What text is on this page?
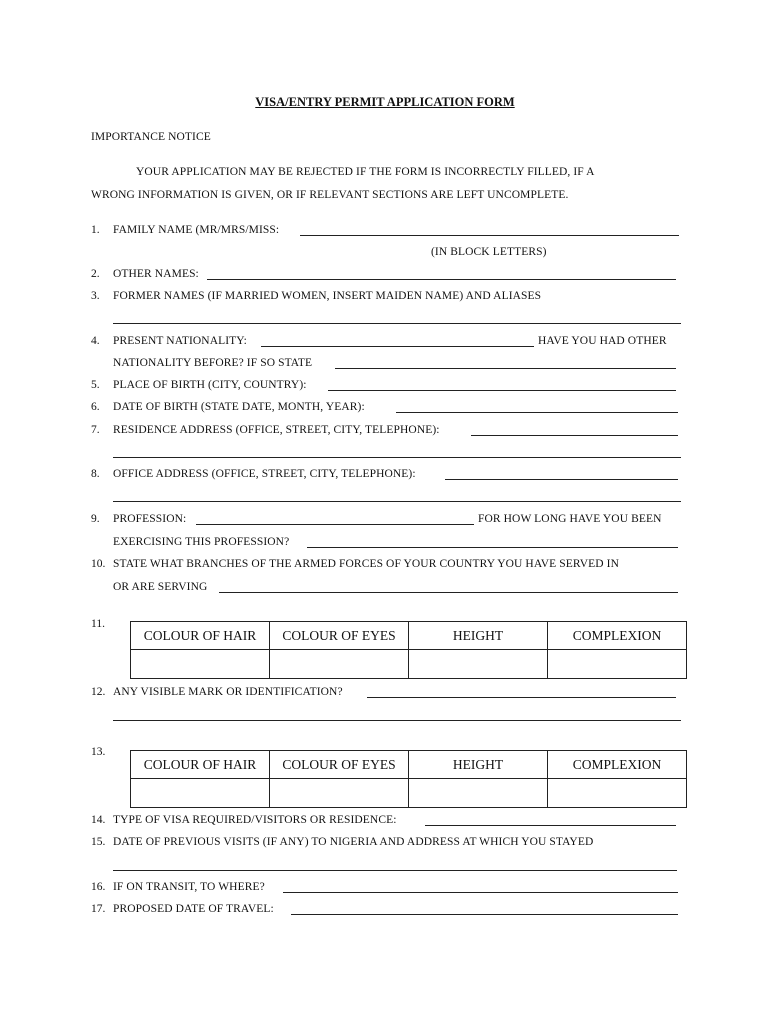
VISA/ENTRY PERMIT APPLICATION FORM
IMPORTANCE NOTICE
YOUR APPLICATION MAY BE REJECTED IF THE FORM IS INCORRECTLY FILLED, IF A
WRONG INFORMATION IS GIVEN, OR IF RELEVANT SECTIONS ARE LEFT UNCOMPLETE.
1. FAMILY NAME (MR/MRS/MISS:
(IN BLOCK LETTERS)
2. OTHER NAMES:
3. FORMER NAMES (IF MARRIED WOMEN, INSERT MAIDEN NAME) AND ALIASES
4. PRESENT NATIONALITY:	HAVE YOU HAD OTHER
NATIONALITY BEFORE? IF SO STATE
5. PLACE OF BIRTH (CITY, COUNTRY):
6. DATE OF BIRTH (STATE DATE, MONTH, YEAR):
7. RESIDENCE ADDRESS (OFFICE, STREET, CITY, TELEPHONE):
8. OFFICE ADDRESS (OFFICE, STREET, CITY, TELEPHONE):
9. PROFESSION:	FOR HOW LONG HAVE YOU BEEN
EXERCISING THIS PROFESSION?
10. STATE WHAT BRANCHES OF THE ARMED FORCES OF YOUR COUNTRY YOU HAVE SERVED IN
OR ARE SERVING
11.
COLOUR OF HAIR	COLOUR OF EYES	HEIGHT	COMPLEXION

12. ANY VISIBLE MARK OR IDENTIFICATION?
13.
COLOUR OF HAIR	COLOUR OF EYES	HEIGHT	COMPLEXION

14. TYPE OF VISA REQUIRED/VISITORS OR RESIDENCE:
15. DATE OF PREVIOUS VISITS (IF ANY) TO NIGERIA AND ADDRESS AT WHICH YOU STAYED
16. IF ON TRANSIT, TO WHERE?
17. PROPOSED DATE OF TRAVEL:
